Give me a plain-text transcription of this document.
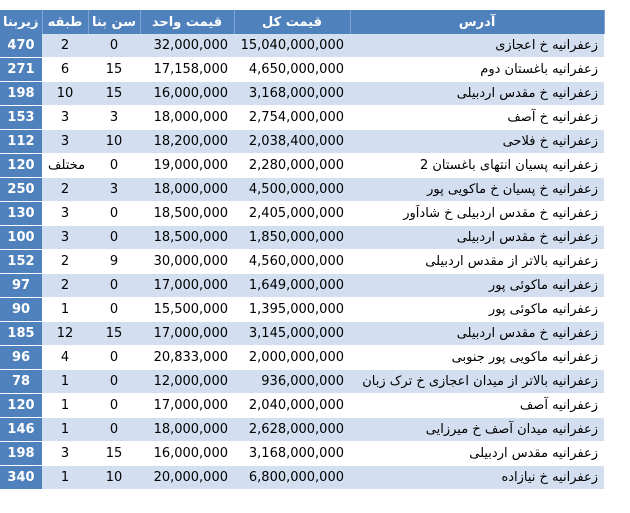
زیربنا	طبقه	سن بنا	قیمت واحد	قیمت کل	آدرس
470	2	0	32,000,000	15,040,000,000	زعفرانیه خ اعجازی
271	6	15	17,158,000	4,650,000,000	زعفرانیه باغستان دوم
198	10	15	16,000,000	3,168,000,000	زعفرانیه خ مقدس اردبیلی
153	3	3	18,000,000	2,754,000,000	زعفرانیه خ آصف
112	3	10	18,200,000	2,038,400,000	زعفرانیه خ فلاحی
120	مختلف	0	19,000,000	2,280,000,000	زعفرانیه پسیان انتهای باغستان 2
250	2	3	18,000,000	4,500,000,000	زعفرانیه خ پسیان خ ماکویی پور
130	3	0	18,500,000	2,405,000,000	زعفرانیه خ مقدس اردبیلی خ شاداَور
100	3	0	18,500,000	1,850,000,000	زعفرانیه خ مقدس اردبیلی
152	2	9	30,000,000	4,560,000,000	زعفرانیه بالاتر از مقدس اردبیلی
97	2	0	17,000,000	1,649,000,000	زعفرانیه ماکوئی پور
90	1	0	15,500,000	1,395,000,000	زعفرانیه ماکوئی پور
185	12	15	17,000,000	3,145,000,000	زعفرانیه خ مقدس اردبیلی
96	4	0	20,833,000	2,000,000,000	زعفرانیه ماکویی پور جنوبی
78	1	0	12,000,000	936,000,000	زعفرانیه بالاتر از میدان اعجازی خ ترک زبان
120	1	0	17,000,000	2,040,000,000	زعفرانیه آصف
146	1	0	18,000,000	2,628,000,000	زعفرانیه میدان آصف خ میرزایی
198	3	15	16,000,000	3,168,000,000	زعفرانیه مقدس اردبیلی
340	1	10	20,000,000	6,800,000,000	زعفرانیه خ نیازاده
